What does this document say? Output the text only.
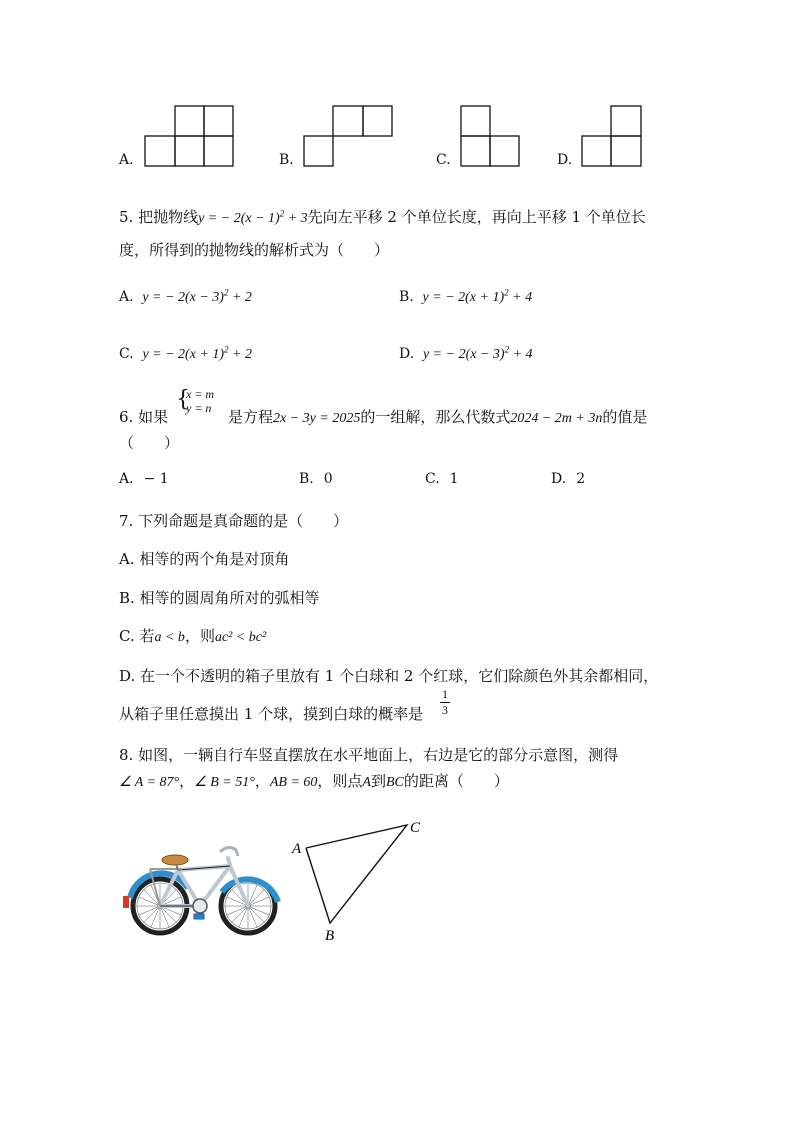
A.	B.	C.	D.
5. 把抛物线y = − $2(x - 1)^2 + 3$先向左平移 2 个单位长度，再向上平移 1 个单位长
度，所得到的抛物线的解析式为（　　）
A. y = − $2(x - 3)^2 + 2$	B. y = − $2(x + 1)^2 + 4$
C. y = − $2(x + 1)^2 + 2$	D. y = − $2(x - 3)^2 + 4$
6. 如果
{
x = m
y = n 是方程2x − 3y = 2025的一组解，那么代数式2024 − 2m + 3n的值是
（　　）
A. − 1	B. 0	C. 1	D. 2
7. 下列命题是真命题的是（　　）
A. 相等的两个角是对顶角
B. 相等的圆周角所对的弧相等
C. 若a < b，则ac² < bc²
D. 在一个不透明的箱子里放有 1 个白球和 2 个红球，它们除颜色外其余都相同，
从箱子里任意摸出 1 个球，摸到白球的概率是
1
3
8. 如图，一辆自行车竖直摆放在水平地面上，右边是它的部分示意图，测得
∠ A = 87°，∠ B = 51°，AB = 60，则点A到BC的距离（　　）
A
B
C
